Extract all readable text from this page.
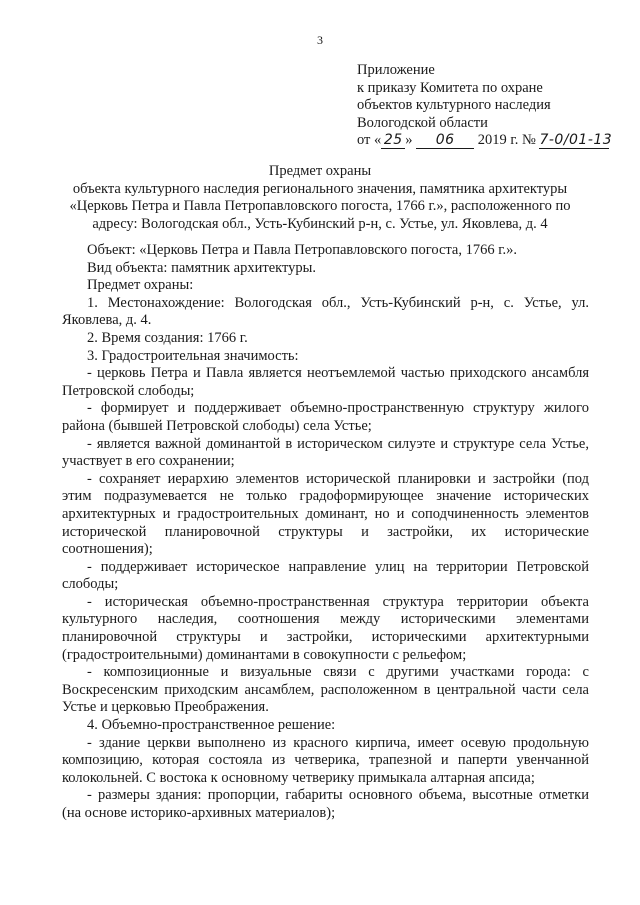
3
Приложение
к приказу Комитета по охране
объектов культурного наследия
Вологодской области
от « 25 » 06 2019 г. № 7-0/01-13
Предмет охраны
объекта культурного наследия регионального значения, памятника архитектуры
«Церковь Петра и Павла Петропавловского погоста, 1766 г.», расположенного по
адресу: Вологодская обл., Усть-Кубинский р-н, с. Устье, ул. Яковлева, д. 4

Объект: «Церковь Петра и Павла Петропавловского погоста, 1766 г.».

Вид объекта: памятник архитектуры.

Предмет охраны:

1. Местонахождение: Вологодская обл., Усть-Кубинский р-н, с. Устье, ул. Яковлева, д. 4.

2. Время создания: 1766 г.

3. Градостроительная значимость:

- церковь Петра и Павла является неотъемлемой частью приходского ансамбля Петровской слободы;

- формирует и поддерживает объемно-пространственную структуру жилого района (бывшей Петровской слободы) села Устье;

- является важной доминантой в историческом силуэте и структуре села Устье, участвует в его сохранении;

- сохраняет иерархию элементов исторической планировки и застройки (под этим подразумевается не только градоформирующее значение исторических архитектурных и градостроительных доминант, но и соподчиненность элементов исторической планировочной структуры и застройки, их исторические соотношения);

- поддерживает историческое направление улиц на территории Петровской слободы;

- историческая объемно-пространственная структура территории объекта культурного наследия, соотношения между историческими элементами планировочной структуры и застройки, историческими архитектурными (градостроительными) доминантами в совокупности с рельефом;

- композиционные и визуальные связи с другими участками города: с Воскресенским приходским ансамблем, расположенном в центральной части села Устье и церковью Преображения.

4. Объемно-пространственное решение:

- здание церкви выполнено из красного кирпича, имеет осевую продольную композицию, которая состояла из четверика, трапезной и паперти увенчанной колокольней. С востока к основному четверику примыкала алтарная апсида;

- размеры здания: пропорции, габариты основного объема, высотные отметки (на основе историко-архивных материалов);
